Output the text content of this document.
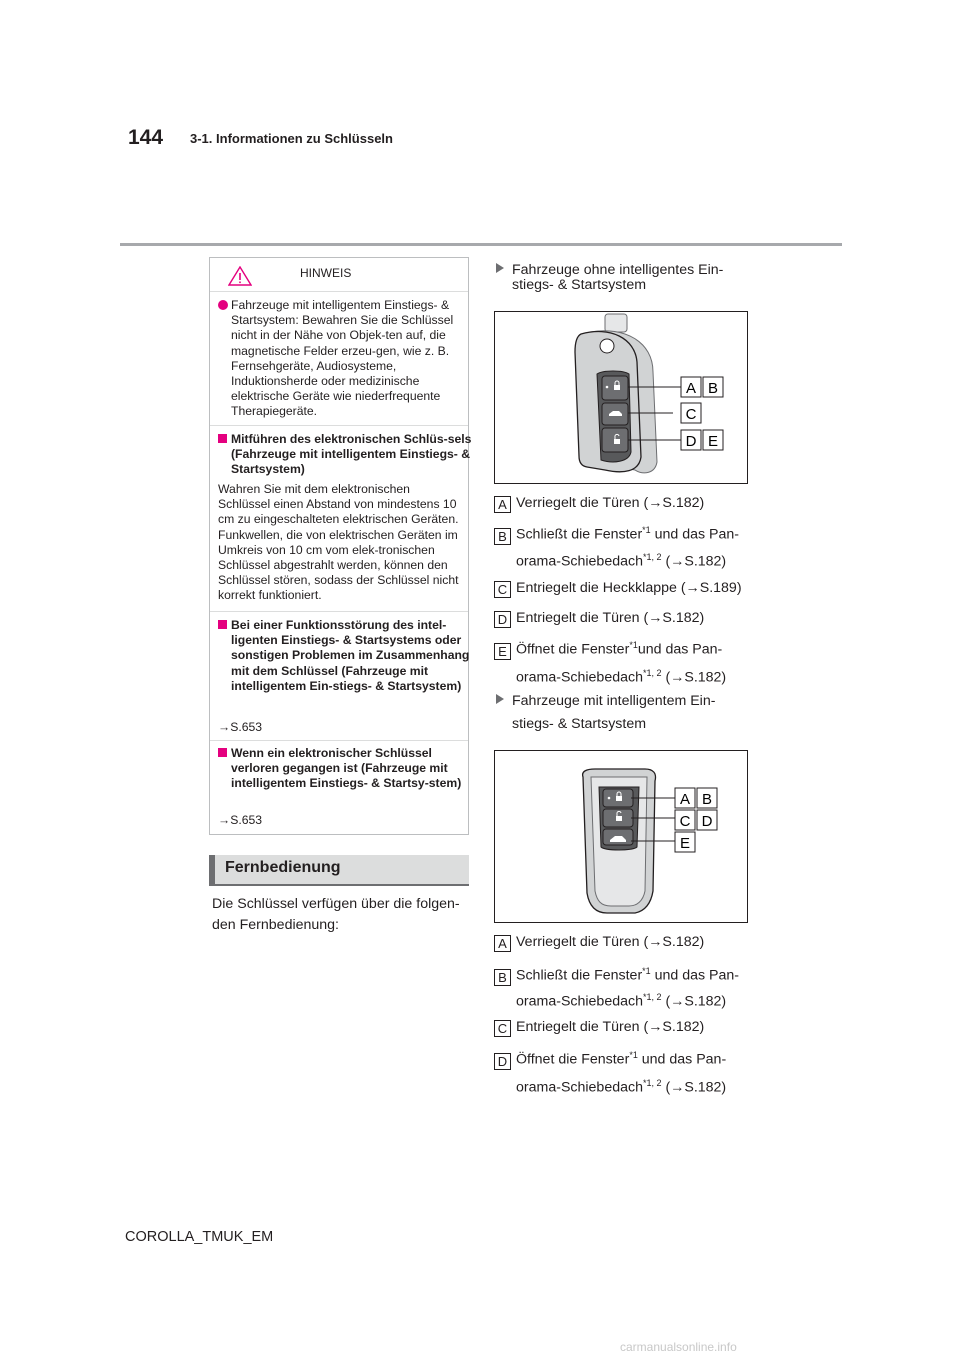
144 3-1. Informationen zu Schlüsseln
HINWEIS
Fahrzeuge mit intelligentem Einstiegs- & Startsystem: Bewahren Sie die Schlüssel nicht in der Nähe von Objek-ten auf, die magnetische Felder erzeu-gen, wie z. B. Fernsehgeräte, Audiosysteme, Induktionsherde oder medizinische elektrische Geräte wie niederfrequente Therapiegeräte.
Mitführen des elektronischen Schlüs-sels (Fahrzeuge mit intelligentem Einstiegs- & Startsystem)
Wahren Sie mit dem elektronischen Schlüssel einen Abstand von mindestens 10 cm zu eingeschalteten elektrischen Geräten. Funkwellen, die von elektrischen Geräten im Umkreis von 10 cm vom elek-tronischen Schlüssel abgestrahlt werden, können den Schlüssel stören, sodass der Schlüssel nicht korrekt funktioniert.
Bei einer Funktionsstörung des intel-ligenten Einstiegs- & Startsystems oder sonstigen Problemen im Zusammenhang mit dem Schlüssel (Fahrzeuge mit intelligentem Ein-stiegs- & Startsystem)
→S.653
Wenn ein elektronischer Schlüssel verloren gegangen ist (Fahrzeuge mit intelligentem Einstiegs- & Startsy-stem)
→S.653
Fernbedienung
Die Schlüssel verfügen über die folgen-den Fernbedienung:
Fahrzeuge ohne intelligentes Ein-
stiegs- & Startsystem
A B
C
D E
A Verriegelt die Türen (→S.182)
B Schließt die Fenster$^{*1}$ und das Pan-
orama-Schiebedach$^{*1, 2}$ (→S.182)
C Entriegelt die Heckklappe (→S.189)
D Entriegelt die Türen (→S.182)
E Öffnet die Fenster$^{*1}$und das Pan-
orama-Schiebedach$^{*1, 2}$ (→S.182)
Fahrzeuge mit intelligentem Ein-
stiegs- & Startsystem
A B
C D
E
A Verriegelt die Türen (→S.182)
B Schließt die Fenster$^{*1}$ und das Pan-
orama-Schiebedach$^{*1, 2}$ (→S.182)
C Entriegelt die Türen (→S.182)
D Öffnet die Fenster$^{*1}$ und das Pan-
orama-Schiebedach$^{*1, 2}$ (→S.182)
COROLLA_TMUK_EM
carmanualsonline.info
